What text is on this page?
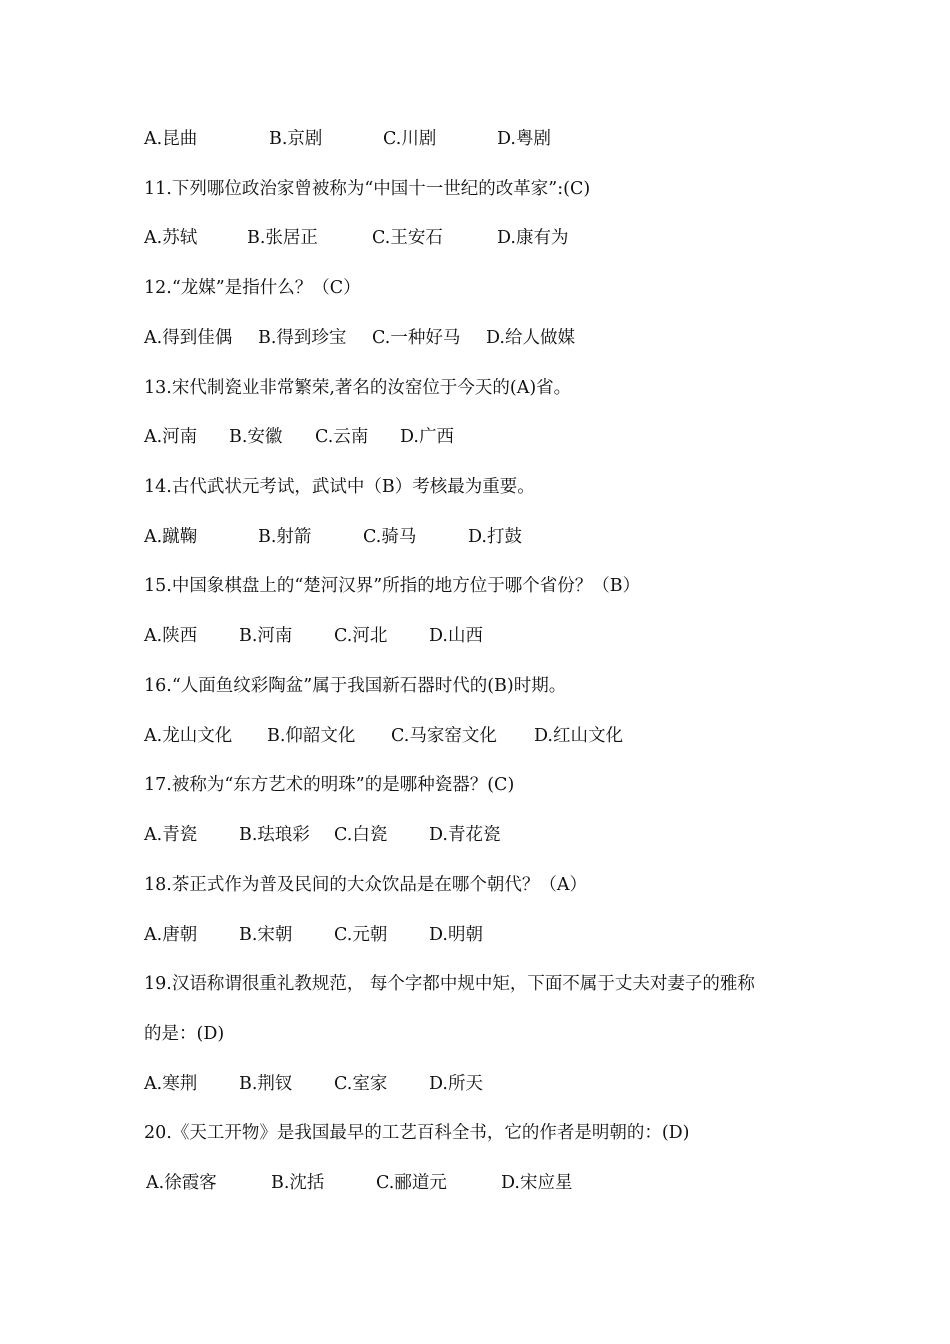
A.昆曲	B.京剧	C.川剧	D.粤剧
11.下列哪位政治家曾被称为“中国十一世纪的改革家”:(C)
A.苏轼	B.张居正	C.王安石	D.康有为
12.“龙媒”是指什么？（C）
A.得到佳偶 B.得到珍宝 C.一种好马 D.给人做媒
13.宋代制瓷业非常繁荣,著名的汝窑位于今天的(A)省。
A.河南 B.安徽 C.云南 D.广西
14.古代武状元考试，武试中（B）考核最为重要。
A.蹴鞠	B.射箭	C.骑马	D.打鼓
15.中国象棋盘上的“楚河汉界”所指的地方位于哪个省份？（B）
A.陕西 B.河南 C.河北 D.山西
16.“人面鱼纹彩陶盆”属于我国新石器时代的(B)时期。
A.龙山文化 B.仰韶文化 C.马家窑文化 D.红山文化
17.被称为“东方艺术的明珠”的是哪种瓷器？(C)
A.青瓷 B.珐琅彩 C.白瓷 D.青花瓷
18.茶正式作为普及民间的大众饮品是在哪个朝代？（A）
A.唐朝 B.宋朝 C.元朝 D.明朝
19.汉语称谓很重礼教规范， 每个字都中规中矩，下面不属于丈夫对妻子的雅称
的是：(D)
A.寒荆 B.荆钗 C.室家 D.所天
20.《天工开物》是我国最早的工艺百科全书，它的作者是明朝的：(D)
A.徐霞客	B.沈括	C.郦道元	D.宋应星
